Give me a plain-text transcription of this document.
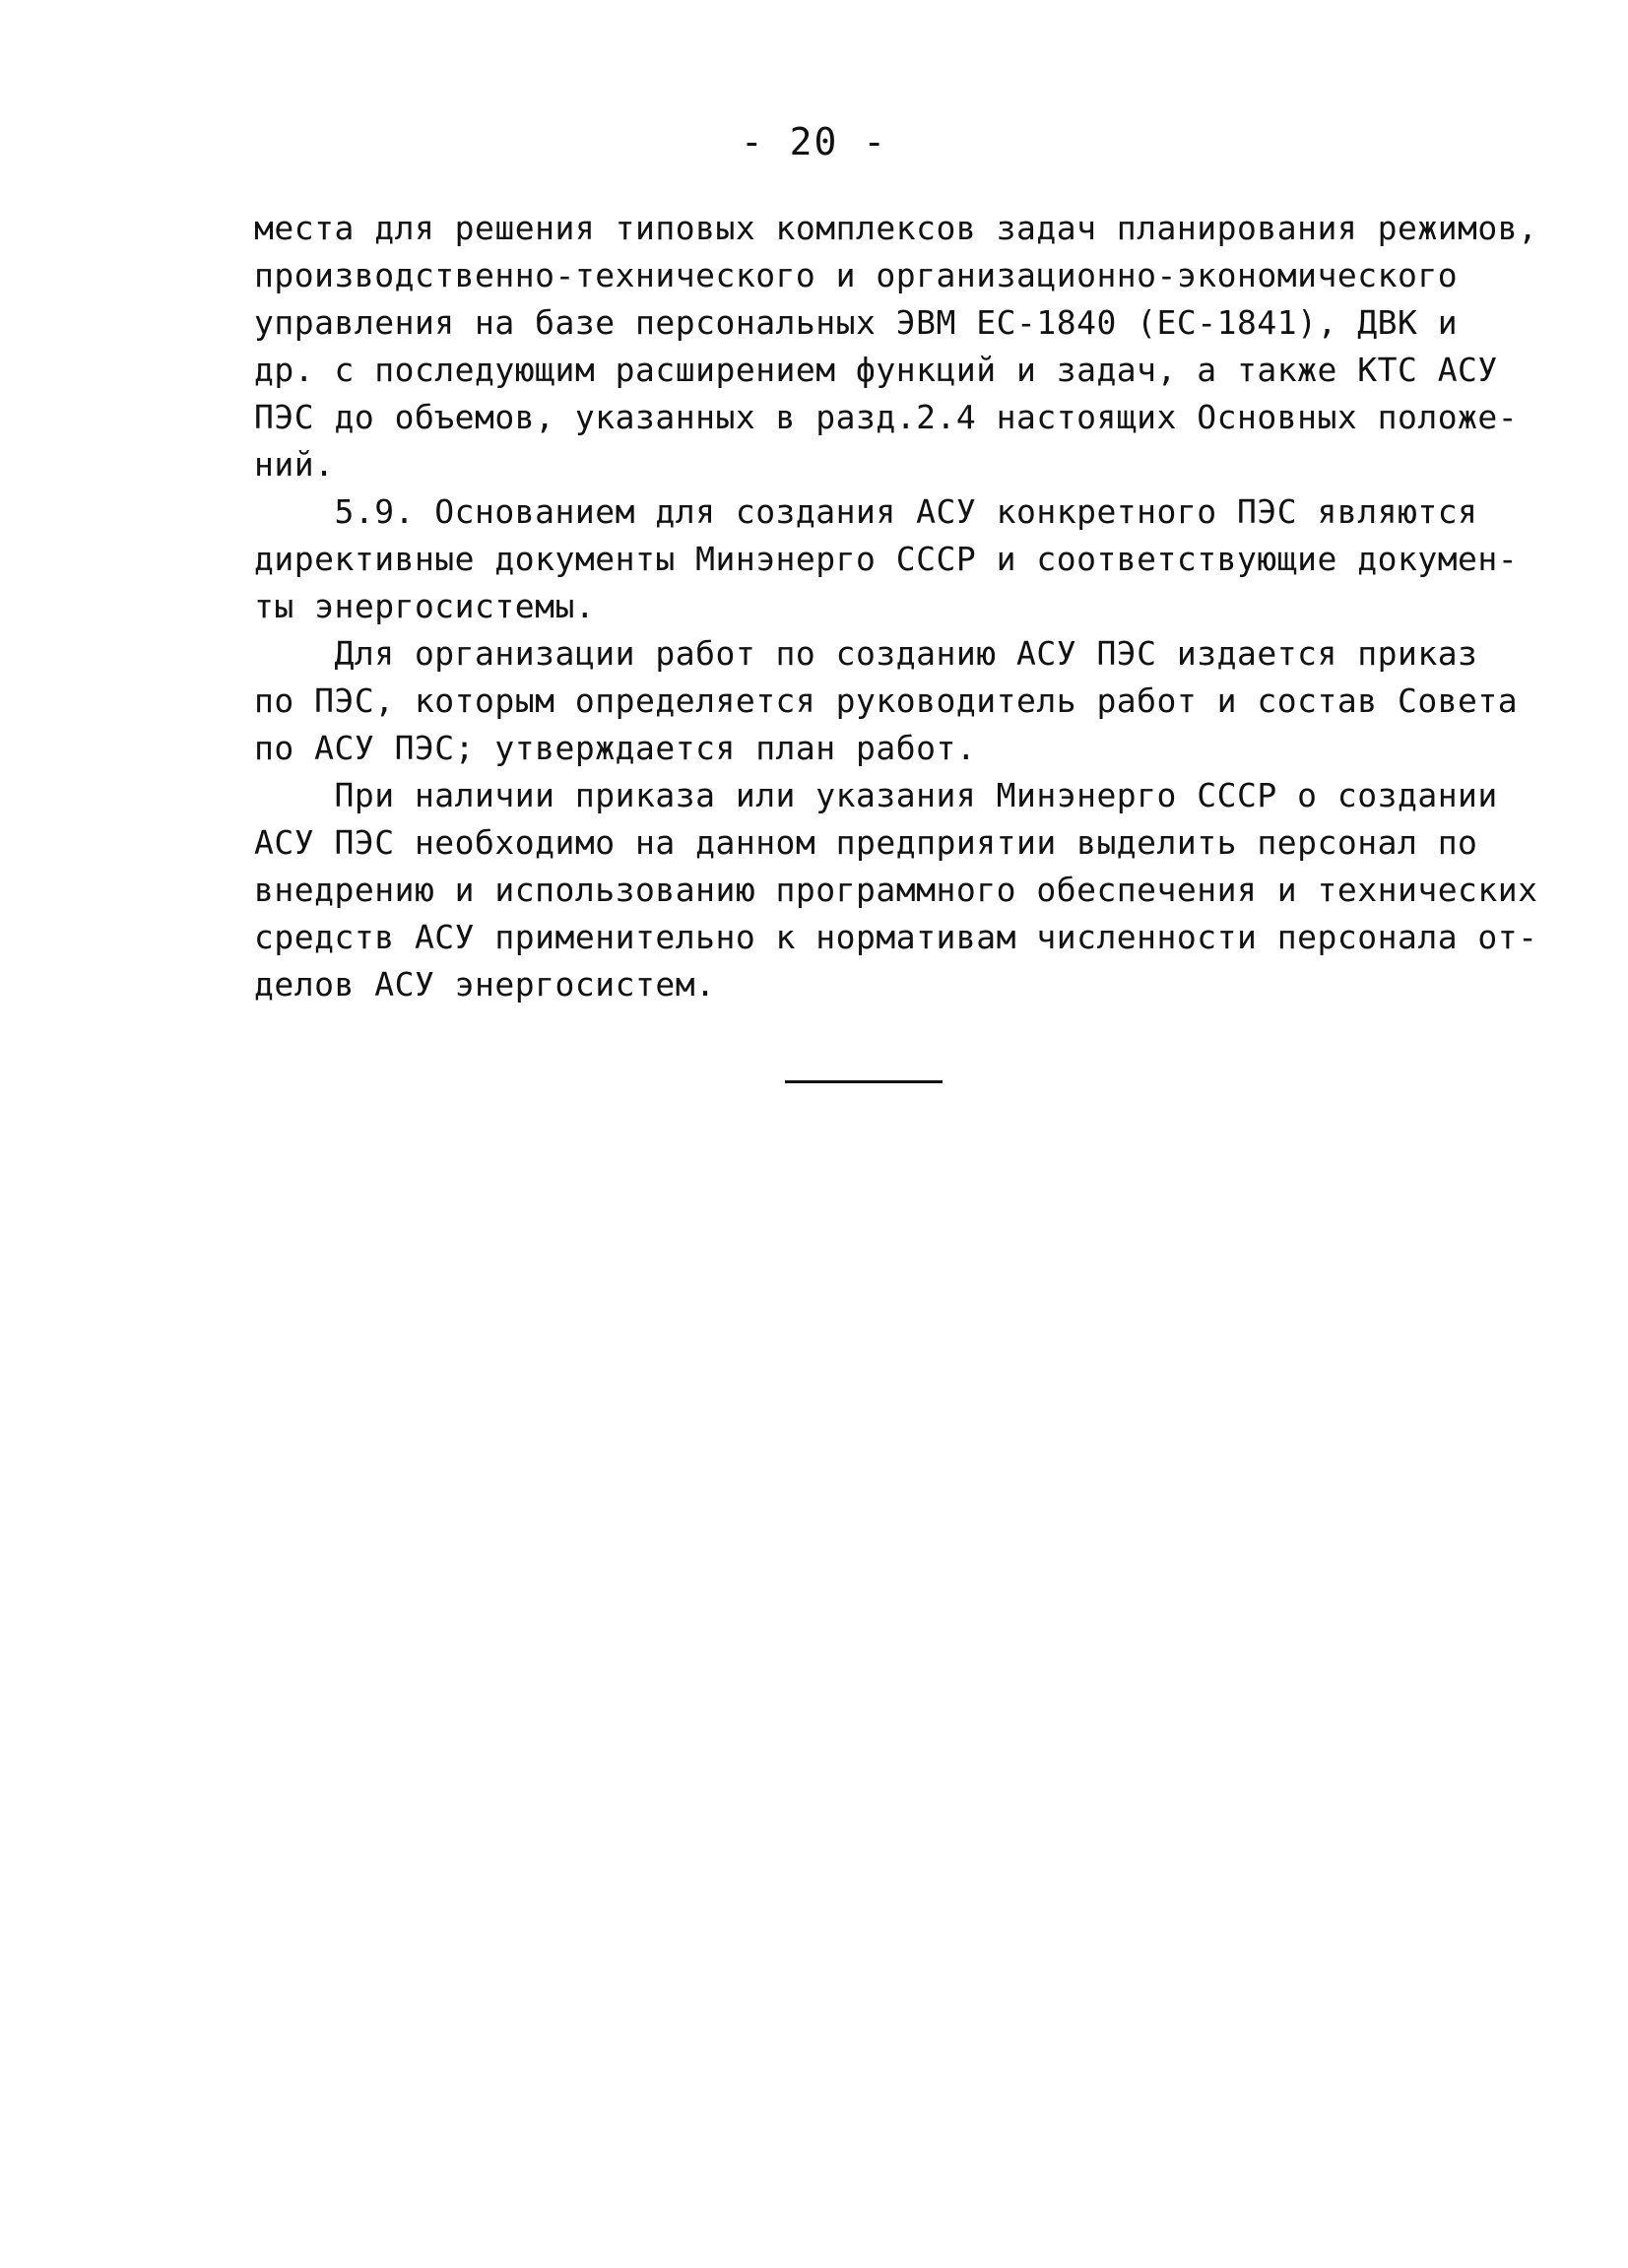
- 20 -
места для решения типовых комплексов задач планирования режимов,
производственно-технического и организационно-экономического
управления на базе персональных ЭВМ ЕС-1840 (ЕС-1841), ДВК и
др. с последующим расширением функций и задач, а также КТС АСУ
ПЭС до объемов, указанных в разд.2.4 настоящих Основных положе-
ний.
5.9. Основанием для создания АСУ конкретного ПЭС являются
директивные документы Минэнерго СССР и соответствующие докумен-
ты энергосистемы.
Для организации работ по созданию АСУ ПЭС издается приказ
по ПЭС, которым определяется руководитель работ и состав Совета
по АСУ ПЭС; утверждается план работ.
При наличии приказа или указания Минэнерго СССР о создании
АСУ ПЭС необходимо на данном предприятии выделить персонал по
внедрению и использованию программного обеспечения и технических
средств АСУ применительно к нормативам численности персонала от-
делов АСУ энергосистем.
